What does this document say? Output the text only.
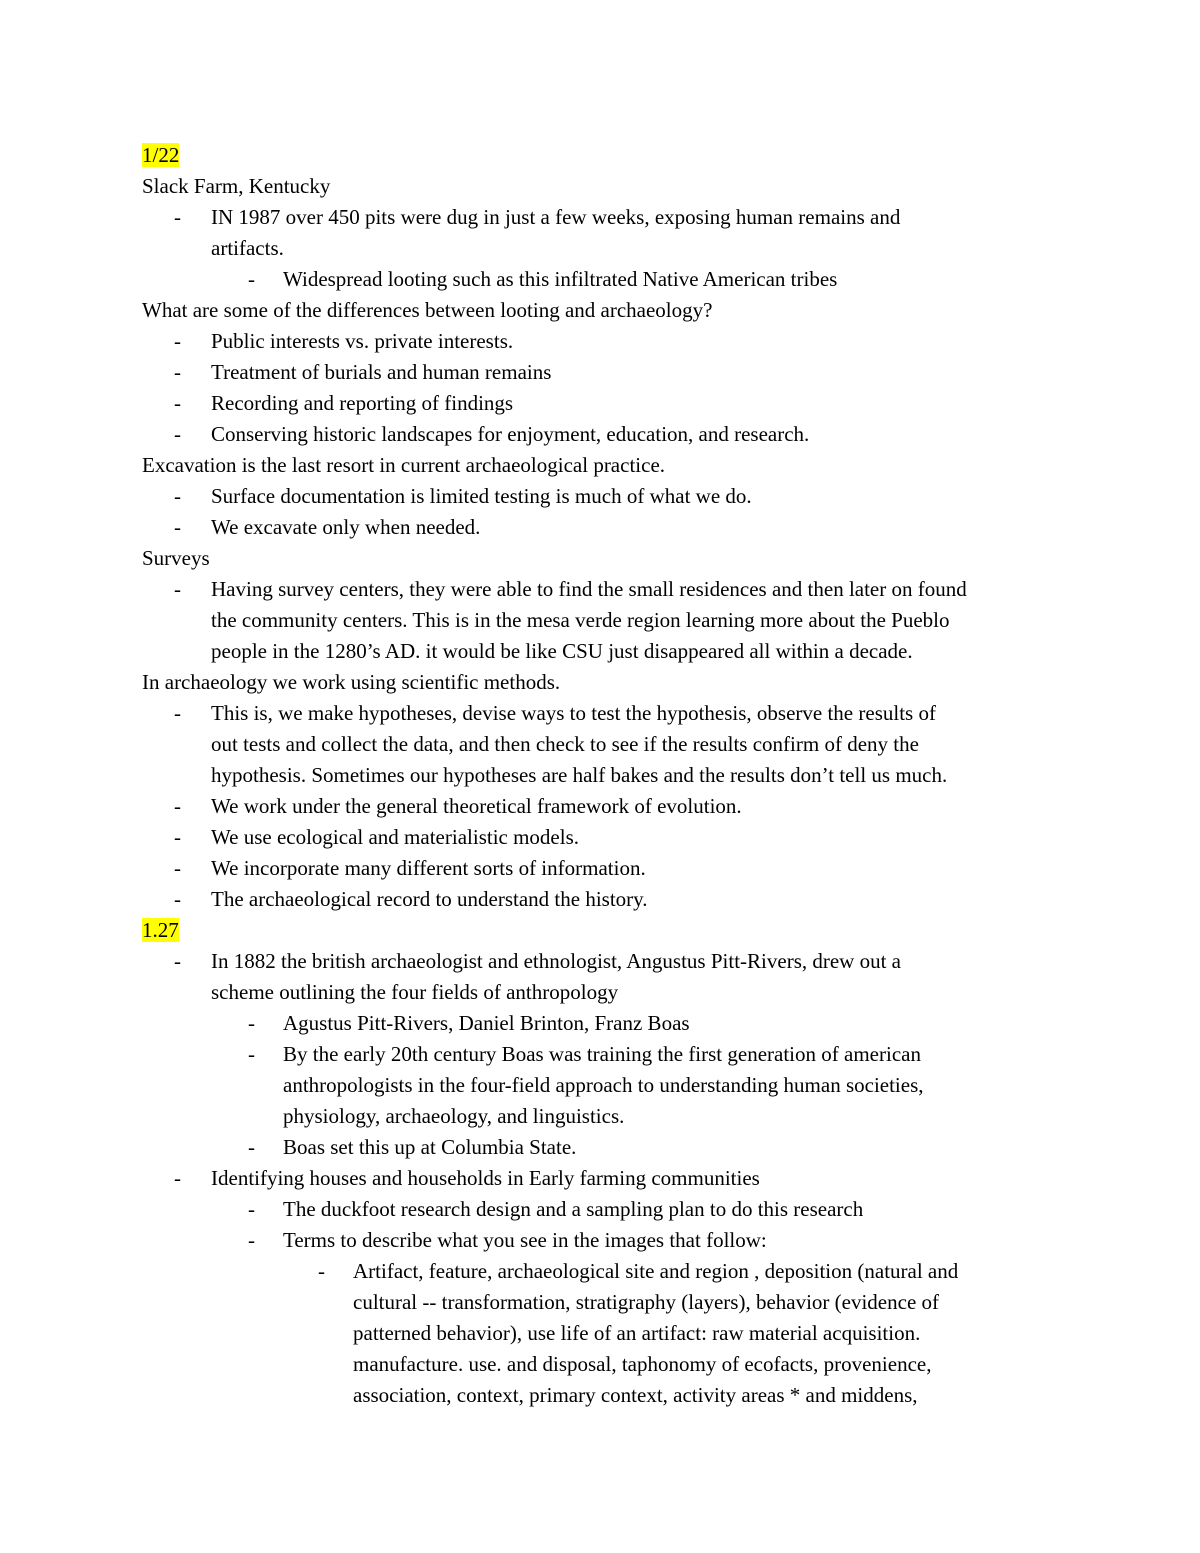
1/22
Slack Farm, Kentucky
- IN 1987 over 450 pits were dug in just a few weeks, exposing human remains and
artifacts.
- Widespread looting such as this infiltrated Native American tribes
What are some of the differences between looting and archaeology?
- Public interests vs. private interests.
- Treatment of burials and human remains
- Recording and reporting of findings
- Conserving historic landscapes for enjoyment, education, and research.
Excavation is the last resort in current archaeological practice.
- Surface documentation is limited testing is much of what we do.
- We excavate only when needed.
Surveys
- Having survey centers, they were able to find the small residences and then later on found
the community centers. This is in the mesa verde region learning more about the Pueblo
people in the 1280’s AD. it would be like CSU just disappeared all within a decade.
In archaeology we work using scientific methods.
- This is, we make hypotheses, devise ways to test the hypothesis, observe the results of
out tests and collect the data, and then check to see if the results confirm of deny the
hypothesis. Sometimes our hypotheses are half bakes and the results don’t tell us much.
- We work under the general theoretical framework of evolution.
- We use ecological and materialistic models.
- We incorporate many different sorts of information.
- The archaeological record to understand the history.
1.27
- In 1882 the british archaeologist and ethnologist, Angustus Pitt-Rivers, drew out a
scheme outlining the four fields of anthropology
- Agustus Pitt-Rivers, Daniel Brinton, Franz Boas
- By the early 20th century Boas was training the first generation of american
anthropologists in the four-field approach to understanding human societies,
physiology, archaeology, and linguistics.
- Boas set this up at Columbia State.
- Identifying houses and households in Early farming communities
- The duckfoot research design and a sampling plan to do this research
- Terms to describe what you see in the images that follow:
- Artifact, feature, archaeological site and region , deposition (natural and
cultural -- transformation, stratigraphy (layers), behavior (evidence of
patterned behavior), use life of an artifact: raw material acquisition.
manufacture. use. and disposal, taphonomy of ecofacts, provenience,
association, context, primary context, activity areas * and middens,
